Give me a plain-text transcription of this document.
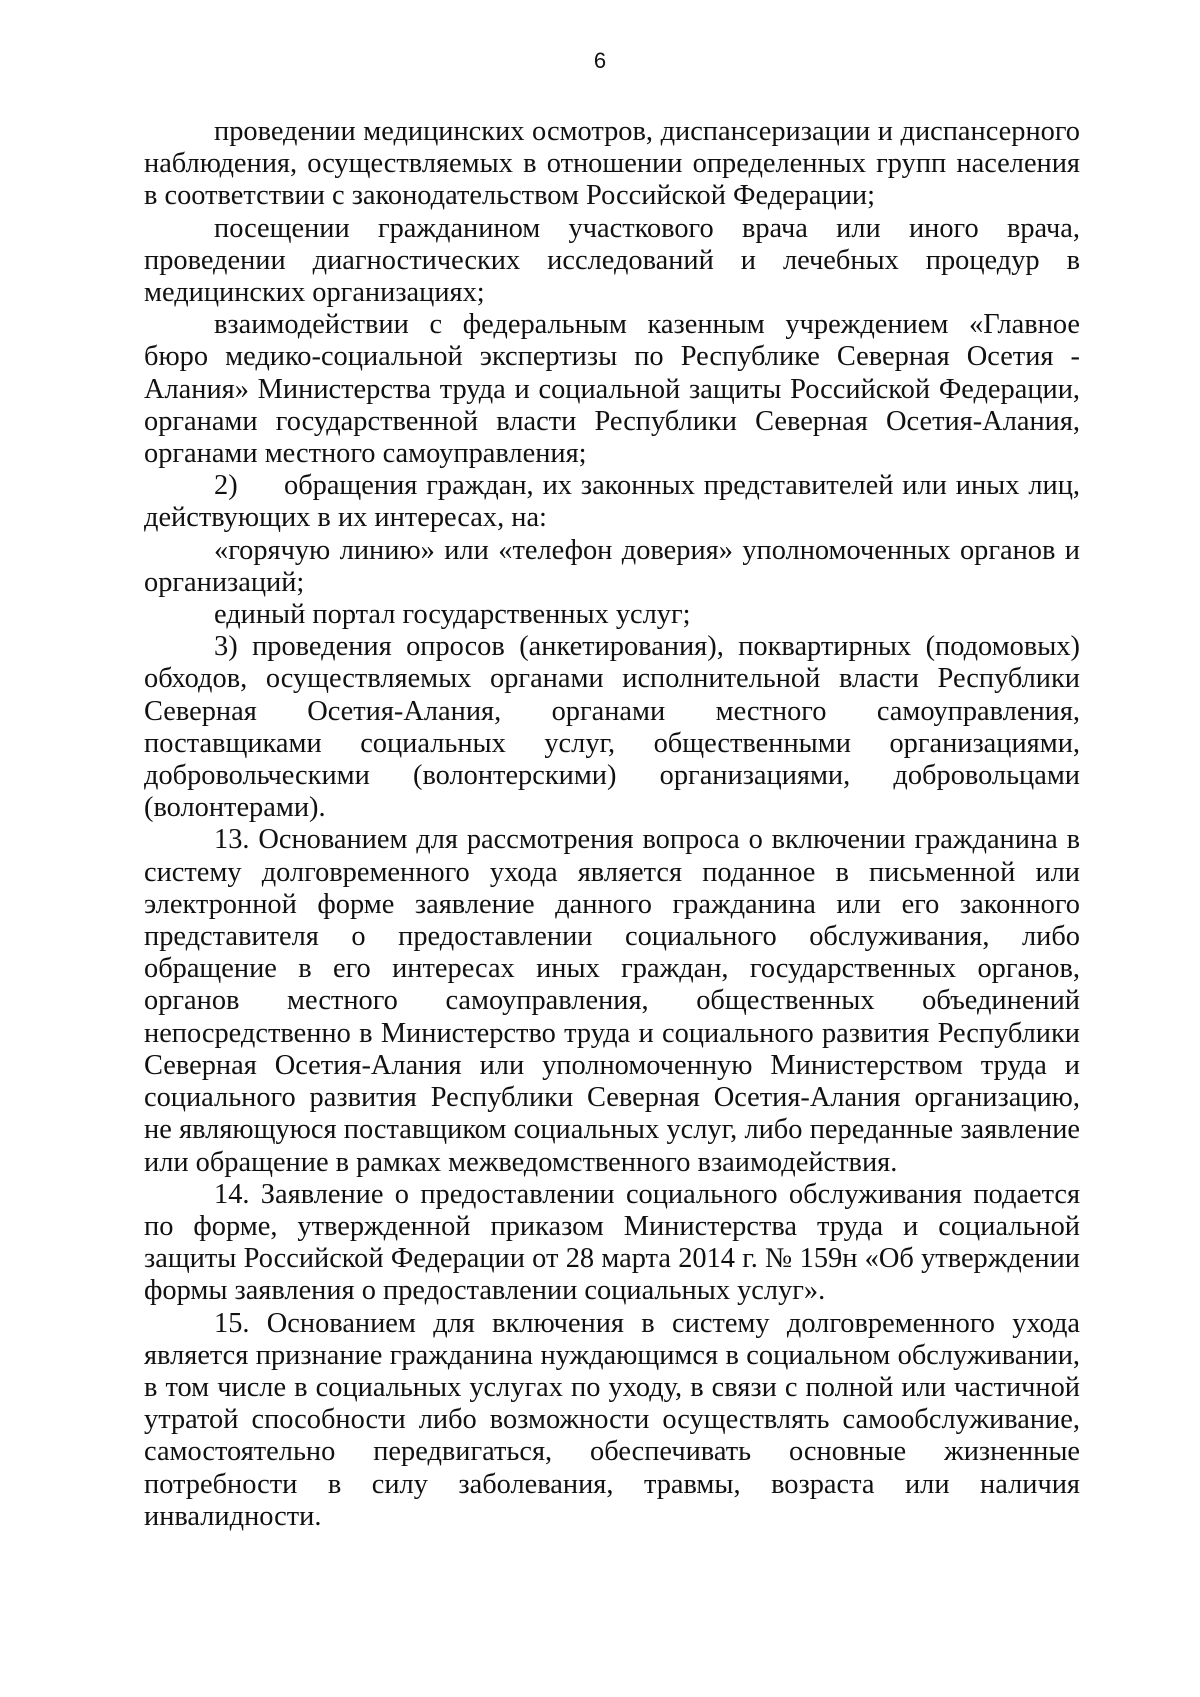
6

проведении медицинских осмотров, диспансеризации и диспансерного наблюдения, осуществляемых в отношении определенных групп населения в соответствии с законодательством Российской Федерации;

посещении гражданином участкового врача или иного врача, проведении диагностических исследований и лечебных процедур в медицинских организациях;

взаимодействии с федеральным казенным учреждением «Главное бюро медико-социальной экспертизы по Республике Северная Осетия - Алания» Министерства труда и социальной защиты Российской Федерации, органами государственной власти Республики Северная Осетия-Алания, органами местного самоуправления;

2) обращения граждан, их законных представителей или иных лиц, действующих в их интересах, на:

«горячую линию» или «телефон доверия» уполномоченных органов и организаций;

единый портал государственных услуг;

3) проведения опросов (анкетирования), поквартирных (подомовых) обходов, осуществляемых органами исполнительной власти Республики Северная Осетия-Алания, органами местного самоуправления, поставщиками социальных услуг, общественными организациями, добровольческими (волонтерскими) организациями, добровольцами (волонтерами).

13. Основанием для рассмотрения вопроса о включении гражданина в систему долговременного ухода является поданное в письменной или электронной форме заявление данного гражданина или его законного представителя о предоставлении социального обслуживания, либо обращение в его интересах иных граждан, государственных органов, органов местного самоуправления, общественных объединений непосредственно в Министерство труда и социального развития Республики Северная Осетия-Алания или уполномоченную Министерством труда и социального развития Республики Северная Осетия-Алания организацию, не являющуюся поставщиком социальных услуг, либо переданные заявление или обращение в рамках межведомственного взаимодействия.

14. Заявление о предоставлении социального обслуживания подается по форме, утвержденной приказом Министерства труда и социальной защиты Российской Федерации от 28 марта 2014 г. № 159н «Об утверждении формы заявления о предоставлении социальных услуг».

15. Основанием для включения в систему долговременного ухода является признание гражданина нуждающимся в социальном обслуживании, в том числе в социальных услугах по уходу, в связи с полной или частичной утратой способности либо возможности осуществлять самообслуживание, самостоятельно передвигаться, обеспечивать основные жизненные потребности в силу заболевания, травмы, возраста или наличия инвалидности.
